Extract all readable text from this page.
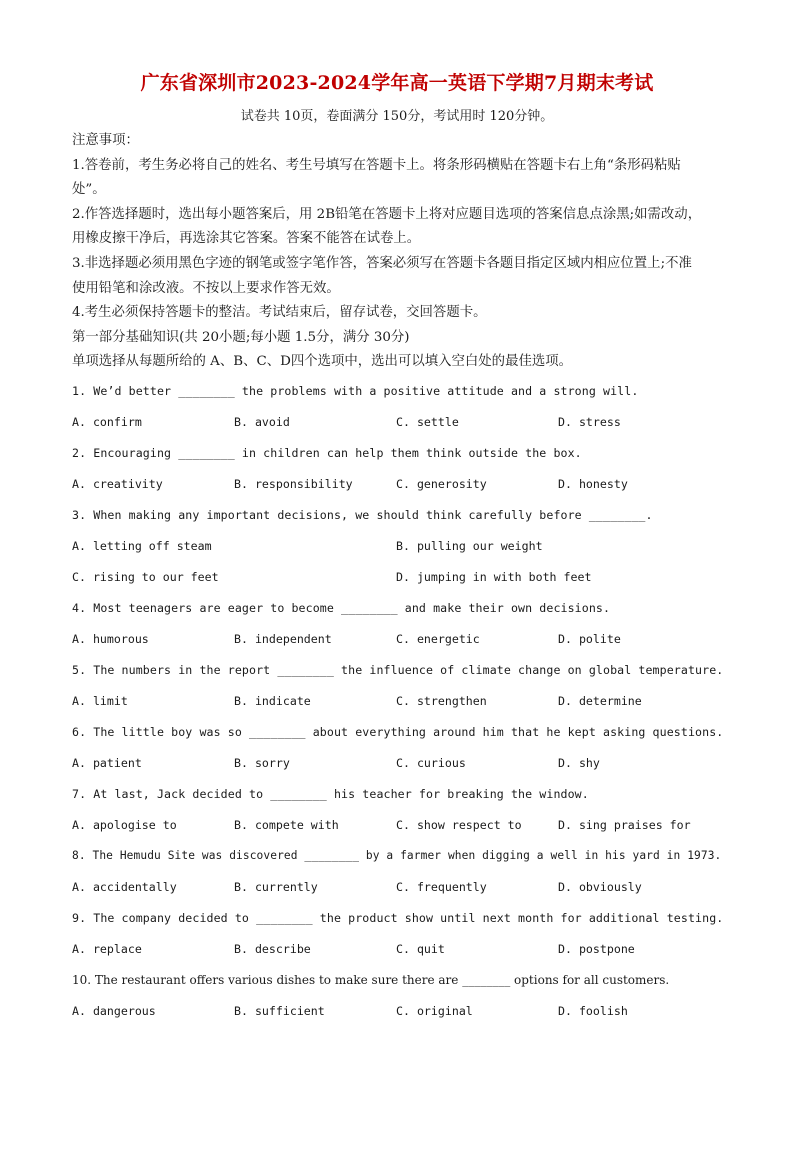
广东省深圳市2023-2024学年高一英语下学期7月期末考试
试卷共 10页，卷面满分 150分，考试用时 120分钟。

注意事项：

1.答卷前，考生务必将自己的姓名、考生号填写在答题卡上。将条形码横贴在答题卡右上角“条形码粘贴

处”。

2.作答选择题时，选出每小题答案后，用 2B铅笔在答题卡上将对应题目选项的答案信息点涂黑;如需改动，

用橡皮擦干净后，再选涂其它答案。答案不能答在试卷上。

3.非选择题必须用黑色字迹的钢笔或签字笔作答，答案必须写在答题卡各题目指定区域内相应位置上;不准

使用铅笔和涂改液。不按以上要求作答无效。

4.考生必须保持答题卡的整洁。考试结束后，留存试卷，交回答题卡。

第一部分基础知识(共 20小题;每小题 1.5分，满分 30分)

单项选择从每题所给的 A、B、C、D四个选项中，选出可以填入空白处的最佳选项。

1. We’d better ________ the problems with a positive attitude and a strong will.

A. confirm

	B. avoid

	C. settle

	D. stress

2. Encouraging ________ in children can help them think outside the box.

A. creativity

	B. responsibility

	C. generosity

	D. honesty

3. When making any important decisions, we should think carefully before ________.

A. letting off steam

	B. pulling our weight

C. rising to our feet

	D. jumping in with both feet

4. Most teenagers are eager to become ________ and make their own decisions.

A. humorous

	B. independent

	C. energetic

	D. polite

5. The numbers in the report ________ the influence of climate change on global temperature.

A. limit

	B. indicate

	C. strengthen

	D. determine

6. The little boy was so ________ about everything around him that he kept asking questions.

A. patient

	B. sorry

	C. curious

	D. shy

7. At last, Jack decided to ________ his teacher for breaking the window.

A. apologise to

	B. compete with

	C. show respect to

	D. sing praises for

8. The Hemudu Site was discovered ________ by a farmer when digging a well in his yard in 1973.

A. accidentally

	B. currently

	C. frequently

	D. obviously

9. The company decided to ________ the product show until next month for additional testing.

A. replace

	B. describe

	C. quit

	D. postpone

10. The restaurant offers various dishes to make sure there are ________ options for all customers.

A. dangerous

	B. sufficient

	C. original

	D. foolish
